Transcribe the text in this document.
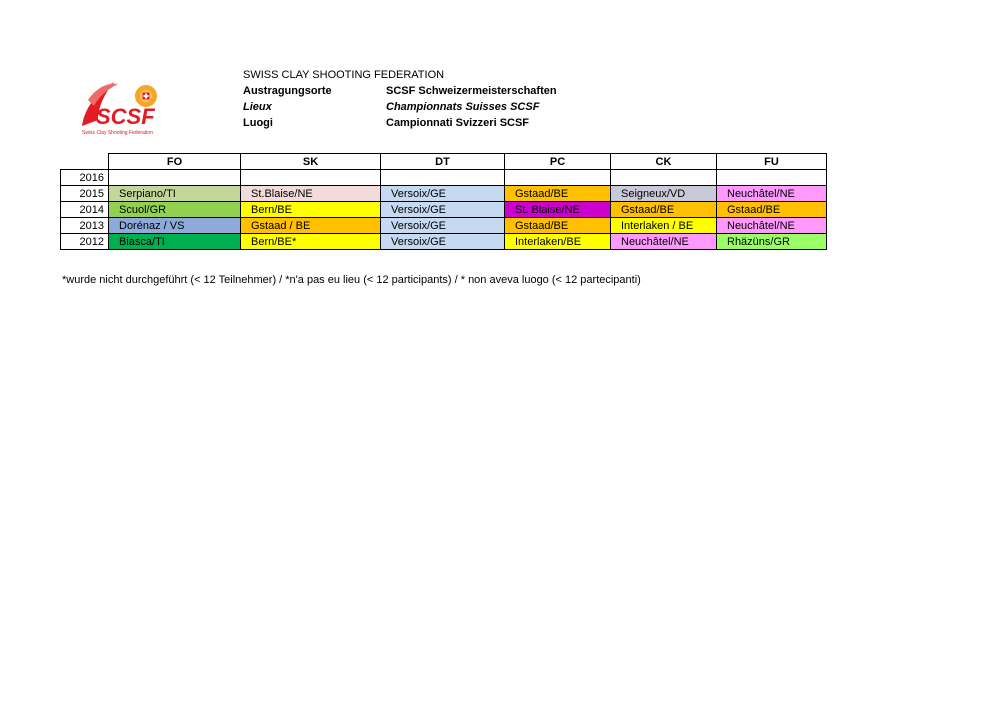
SCSF
Swiss Clay Shooting Federation
SWISS CLAY SHOOTING FEDERATION
Austragungsorte	SCSF Schweizermeisterschaften
Lieux	Championnats Suisses SCSF
Luogi	Campionnati Svizzeri SCSF
	FO	SK	DT	PC	CK	FU
2016						
2015	Serpiano/TI	St.Blaise/NE	Versoix/GE	Gstaad/BE	Seigneux/VD	Neuchâtel/NE
2014	Scuol/GR	Bern/BE	Versoix/GE	St. Blaise/NE	Gstaad/BE	Gstaad/BE
2013	Dorénaz / VS	Gstaad / BE	Versoix/GE	Gstaad/BE	Interlaken / BE	Neuchâtel/NE
2012	Biasca/TI	Bern/BE*	Versoix/GE	Interlaken/BE	Neuchâtel/NE	Rhäzüns/GR
*wurde nicht durchgeführt (< 12 Teilnehmer) / *n'a pas eu lieu (< 12 participants) / * non aveva luogo (< 12 partecipanti)
